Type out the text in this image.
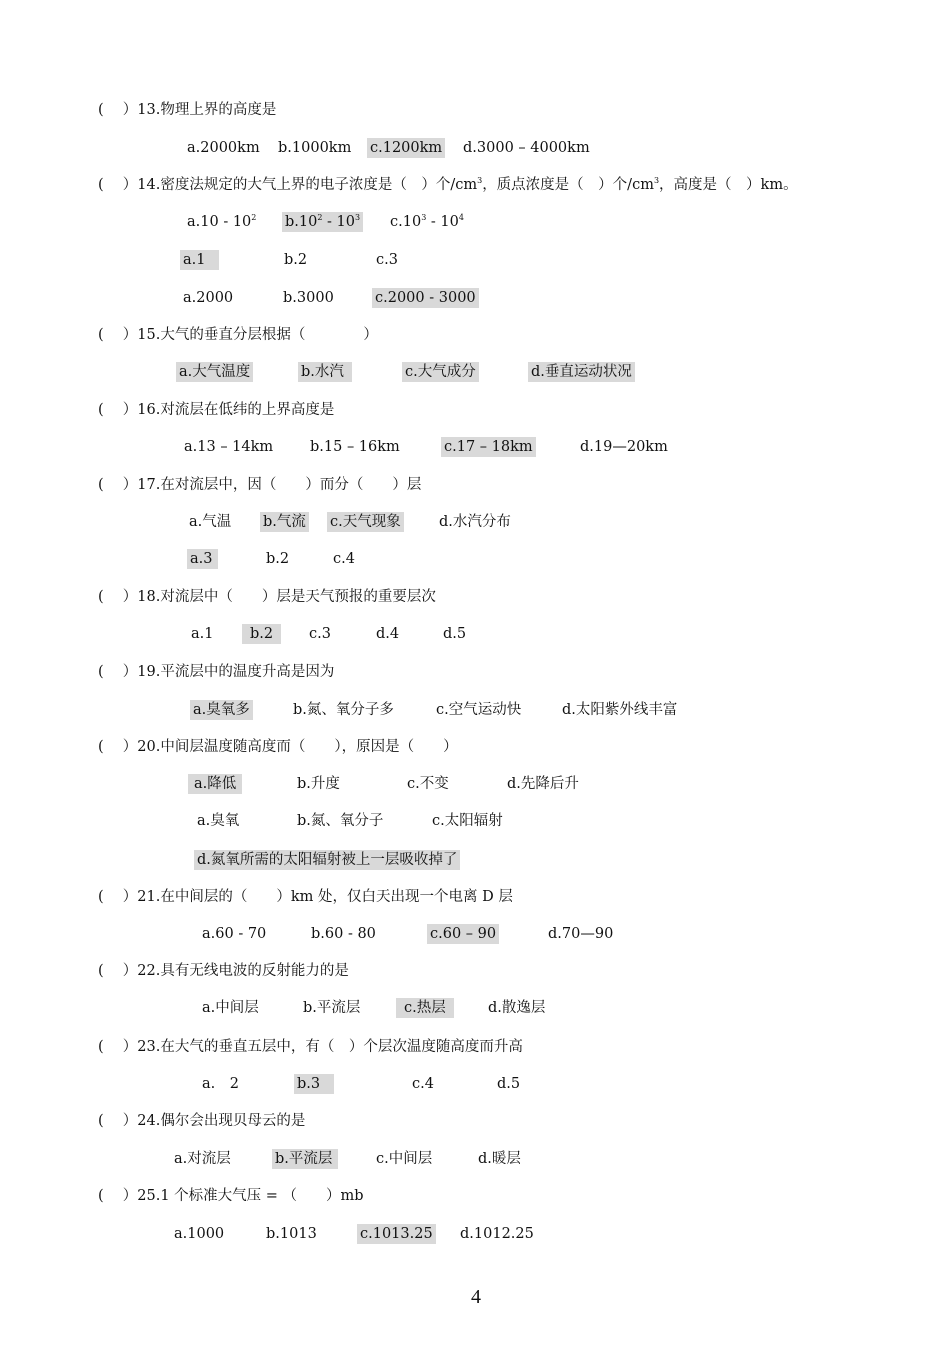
(　 ）13.物理上界的高度是
a.2000km b.1000km c.1200km d.3000 – 4000km
(　 ）14.密度法规定的大气上界的电子浓度是（　）个$/cm^3$，质点浓度是（　）个$/cm^3$，高度是（　）km。
$a.10 - 10^2$ $b.10^2 - 10^3$ $c.10^3 - 10^4$
a.1	b.2	c.3
a.2000	b.3000	c.2000 - 3000
(　 ）15.大气的垂直分层根据（　　　　）
a.大气温度	b.水汽	c.大气成分	d.垂直运动状况
(　 ）16.对流层在低纬的上界高度是
a.13 – 14km	b.15 – 16km	c.17 – 18km	d.19—20km
(　 ）17.在对流层中，因（　　）而分（　　）层
a.气温 b.气流 c.天气现象	d.水汽分布
a.3	b.2	c.4
(　 ）18.对流层中（　　）层是天气预报的重要层次
a.1	b.2	c.3	d.4	d.5
(　 ）19.平流层中的温度升高是因为
a.臭氧多	b.氮、氧分子多	c.空气运动快	d.太阳紫外线丰富
(　 ）20.中间层温度随高度而（　　），原因是（　　）
a.降低	b.升度	c.不变	d.先降后升
a.臭氧	b.氮、氧分子	c.太阳辐射
d.氮氧所需的太阳辐射被上一层吸收掉了
(　 ）21.在中间层的（　　）km 处，仅白天出现一个电离 D 层
a.60 - 70	b.60 - 80	c.60 – 90	d.70—90
(　 ）22.具有无线电波的反射能力的是
a.中间层	b.平流层	c.热层	d.散逸层
(　 ）23.在大气的垂直五层中，有（　）个层次温度随高度而升高
a.　2	b.3	c.4	d.5
(　 ）24.偶尔会出现贝母云的是
a.对流层	b.平流层	c.中间层	d.暖层
(　 ）25.1 个标准大气压 = （　　）mb
a.1000	b.1013	c.1013.25 d.1012.25
4
